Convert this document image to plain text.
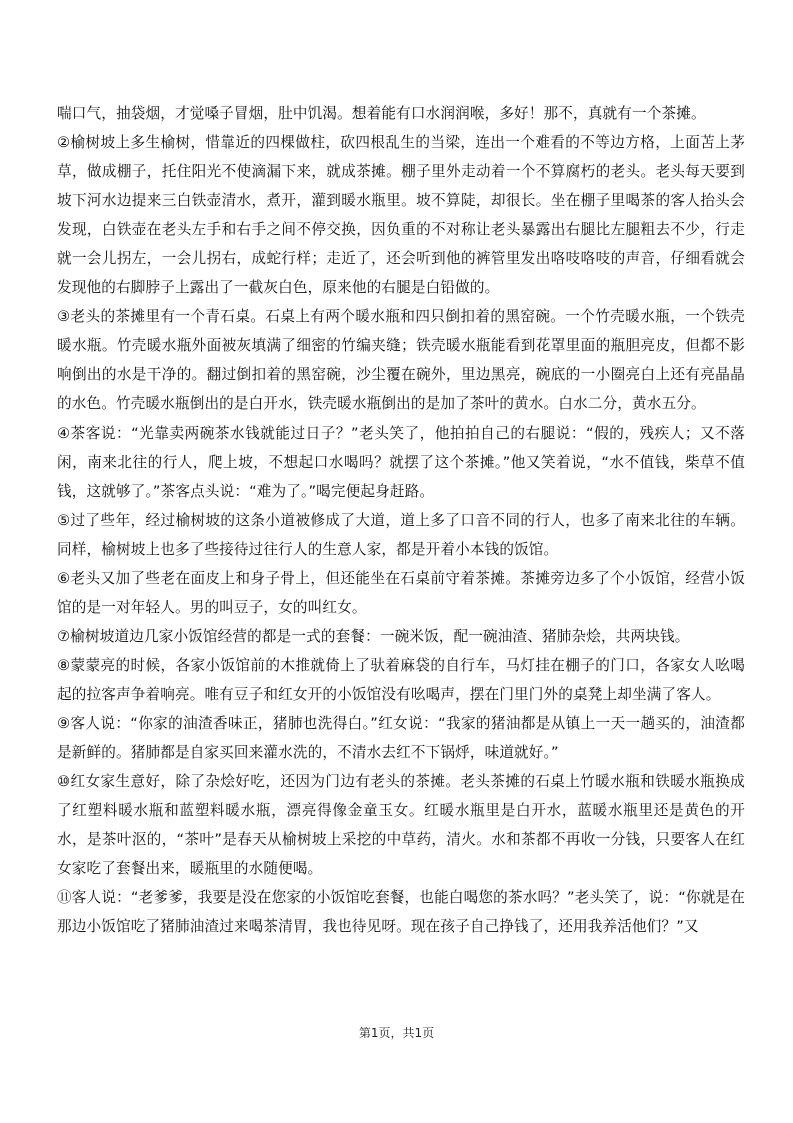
喘口气，抽袋烟，才觉嗓子冒烟，肚中饥渴。想着能有口水润润喉，多好！那不，真就有一个茶摊。

②榆树坡上多生榆树，惜靠近的四棵做柱，砍四根乱生的当梁，连出一个难看的不等边方格，上面苫上茅草，做成棚子，托住阳光不使滴漏下来，就成茶摊。棚子里外走动着一个不算腐朽的老头。老头每天要到坡下河水边提来三白铁壶清水，煮开，灌到暖水瓶里。坡不算陡，却很长。坐在棚子里喝茶的客人抬头会发现，白铁壶在老头左手和右手之间不停交换，因负重的不对称让老头暴露出右腿比左腿粗去不少，行走就一会儿拐左，一会儿拐右，成蛇行样；走近了，还会听到他的裤管里发出咯吱咯吱的声音，仔细看就会发现他的右脚脖子上露出了一截灰白色，原来他的右腿是白铅做的。

③老头的茶摊里有一个青石桌。石桌上有两个暖水瓶和四只倒扣着的黑窑碗。一个竹壳暖水瓶，一个铁壳暖水瓶。竹壳暖水瓶外面被灰填满了细密的竹编夹缝；铁壳暖水瓶能看到花罩里面的瓶胆亮皮，但都不影响倒出的水是干净的。翻过倒扣着的黑窑碗，沙尘覆在碗外，里边黑亮，碗底的一小圈亮白上还有亮晶晶的水色。竹壳暖水瓶倒出的是白开水，铁壳暖水瓶倒出的是加了茶叶的黄水。白水二分，黄水五分。

④茶客说：“光靠卖两碗茶水钱就能过日子？”老头笑了，他拍拍自己的右腿说：“假的，残疾人；又不落闲，南来北往的行人，爬上坡，不想起口水喝吗？就摆了这个茶摊。”他又笑着说，“水不值钱，柴草不值钱，这就够了。”茶客点头说：“难为了。”喝完便起身赶路。

⑤过了些年，经过榆树坡的这条小道被修成了大道，道上多了口音不同的行人，也多了南来北往的车辆。同样，榆树坡上也多了些接待过往行人的生意人家，都是开着小本钱的饭馆。

⑥老头又加了些老在面皮上和身子骨上，但还能坐在石桌前守着茶摊。茶摊旁边多了个小饭馆，经营小饭馆的是一对年轻人。男的叫豆子，女的叫红女。

⑦榆树坡道边几家小饭馆经营的都是一式的套餐：一碗米饭，配一碗油渣、猪肺杂烩，共两块钱。

⑧蒙蒙亮的时候，各家小饭馆前的木推就倚上了驮着麻袋的自行车，马灯挂在棚子的门口，各家女人吆喝起的拉客声争着响亮。唯有豆子和红女开的小饭馆没有吆喝声，摆在门里门外的桌凳上却坐满了客人。

⑨客人说：“你家的油渣香味正，猪肺也洗得白。”红女说：“我家的猪油都是从镇上一天一趟买的，油渣都是新鲜的。猪肺都是自家买回来灌水洗的，不清水去红不下锅烀，味道就好。”

⑩红女家生意好，除了杂烩好吃，还因为门边有老头的茶摊。老头茶摊的石桌上竹暖水瓶和铁暖水瓶换成了红塑料暖水瓶和蓝塑料暖水瓶，漂亮得像金童玉女。红暖水瓶里是白开水，蓝暖水瓶里还是黄色的开水，是茶叶沤的，“茶叶”是春天从榆树坡上采挖的中草药，清火。水和茶都不再收一分钱，只要客人在红女家吃了套餐出来，暖瓶里的水随便喝。

⑪客人说：“老爹爹，我要是没在您家的小饭馆吃套餐，也能白喝您的茶水吗？”老头笑了，说：“你就是在那边小饭馆吃了猪肺油渣过来喝茶清胃，我也待见呀。现在孩子自己挣钱了，还用我养活他们？”又

第1页，共1页
